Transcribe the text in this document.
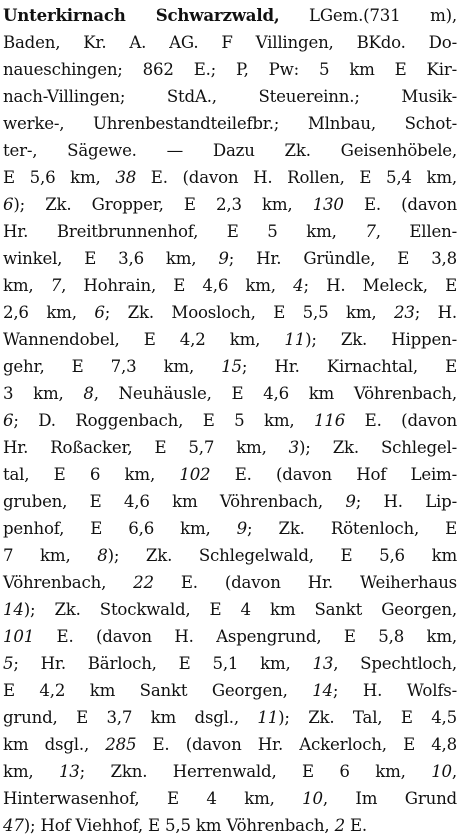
Unterkirnach Schwarzwald, LGem.(731 m),
Baden, Kr. A. AG. F Villingen, BKdo. Do-
naueschingen; 862 E.; P, Pw: 5 km E Kir-
nach-Villingen; StdA., Steuereinn.; Musik-
werke-, Uhrenbestandteilefbr.; Mlnbau, Schot-
ter-, Sägewe. — Dazu Zk. Geisenhöbele,
E 5,6 km, 38 E. (davon H. Rollen, E 5,4 km,
6); Zk. Gropper, E 2,3 km, 130 E. (davon
Hr. Breitbrunnenhof, E 5 km, 7, Ellen-
winkel, E 3,6 km, 9; Hr. Gründle, E 3,8
km, 7, Hohrain, E 4,6 km, 4; H. Meleck, E
2,6 km, 6; Zk. Moosloch, E 5,5 km, 23; H.
Wannendobel, E 4,2 km, 11); Zk. Hippen-
gehr, E 7,3 km, 15; Hr. Kirnachtal, E
3 km, 8, Neuhäusle, E 4,6 km Vöhrenbach,
6; D. Roggenbach, E 5 km, 116 E. (davon
Hr. Roßacker, E 5,7 km, 3); Zk. Schlegel-
tal, E 6 km, 102 E. (davon Hof Leim-
gruben, E 4,6 km Vöhrenbach, 9; H. Lip-
penhof, E 6,6 km, 9; Zk. Rötenloch, E
7 km, 8); Zk. Schlegelwald, E 5,6 km
Vöhrenbach, 22 E. (davon Hr. Weiherhaus
14); Zk. Stockwald, E 4 km Sankt Georgen,
101 E. (davon H. Aspengrund, E 5,8 km,
5; Hr. Bärloch, E 5,1 km, 13, Spechtloch,
E 4,2 km Sankt Georgen, 14; H. Wolfs-
grund, E 3,7 km dsgl., 11); Zk. Tal, E 4,5
km dsgl., 285 E. (davon Hr. Ackerloch, E 4,8
km, 13; Zkn. Herrenwald, E 6 km, 10,
Hinterwasenhof, E 4 km, 10, Im Grund
47); Hof Viehhof, E 5,5 km Vöhrenbach, 2 E.
